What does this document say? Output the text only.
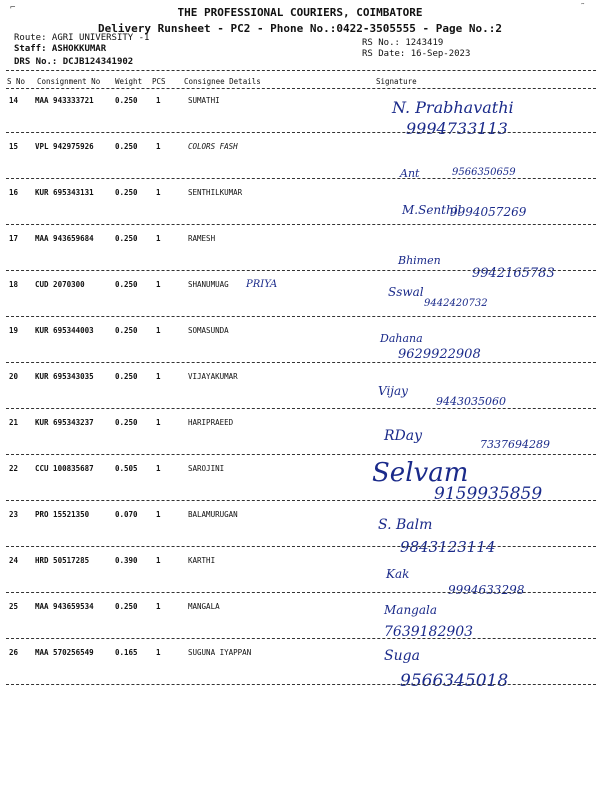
THE PROFESSIONAL COURIERS, COIMBATORE
Delivery Runsheet - PC2 - Phone No.:0422-3505555 - Page No.:2
Route: AGRI UNIVERSITY -1
Staff: ASHOKKUMAR
DRS No.: DCJB124341902
RS No.: 1243419
RS Date: 16-Sep-2023
S No Consignment No Weight PCS Consignee Details	Signature
14 MAA 943333721	0.250 1	SUMATHI	N. Prabhavathi
9994733113
15 VPL 942975926	0.250 1	COLORS FASH
Ant	9566350659
16 KUR 695343131	0.250 1	SENTHILKUMAR
M.Senthil
9994057269
17 MAA 943659684	0.250 1	RAMESH
Bhimen
9942165783
18 CUD 2070300	0.250 1	SHANUMUAG
Sswal
9442420732
19 KUR 695344003	0.250 1	SOMASUNDA
Dahana
9629922908
20 KUR 695343035	0.250 1	VIJAYAKUMAR
Vijay
9443035060
21 KUR 695343237	0.250 1	HARIPRAEED
RDay
7337694289
22 CCU 100835687	0.505 1	SAROJINI	Selvam
9159935859
23 PRO 15521350	0.070 1	BALAMURUGAN
S. Balm
9843123114
24 HRD 50517285	0.390 1	KARTHI
Kak
9994633298
25 MAA 943659534	0.250 1	MANGALA	Mangala
7639182903
26 MAA 570256549	0.165 1	SUGUNA IYAPPAN	Suga
9566345018
PRIYA
⌐	˜
